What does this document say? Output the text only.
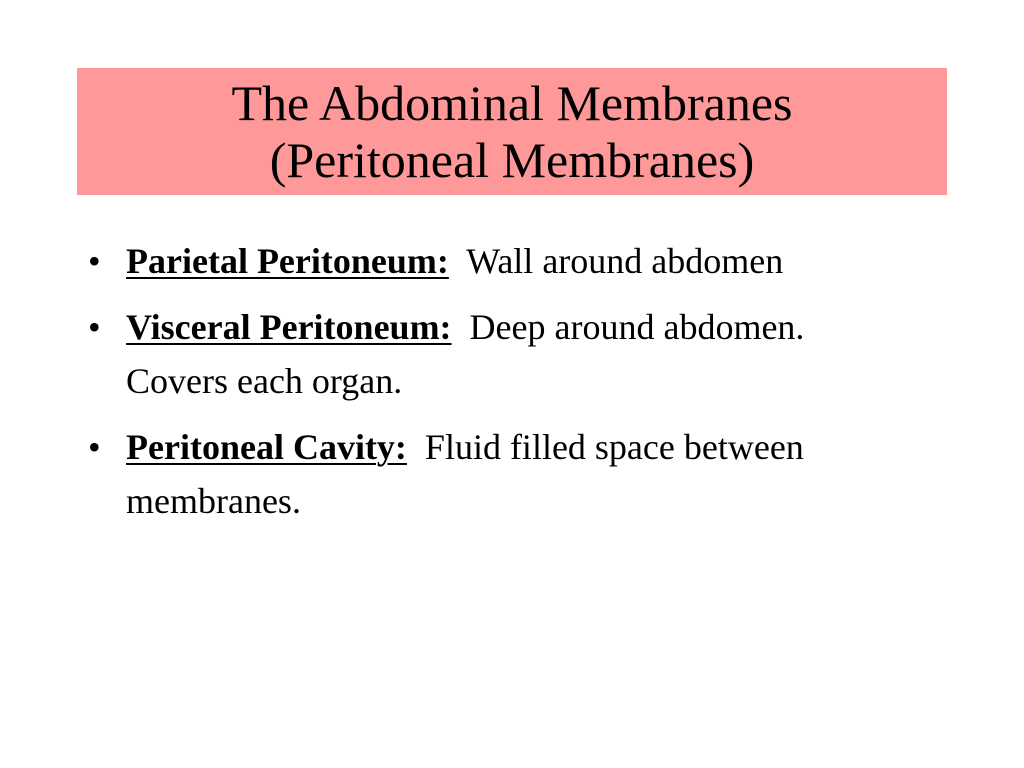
The Abdominal Membranes
(Peritoneal Membranes)
• Parietal Peritoneum: Wall around abdomen
• Visceral Peritoneum: Deep around abdomen. Covers each organ.
• Peritoneal Cavity: Fluid filled space between membranes.
